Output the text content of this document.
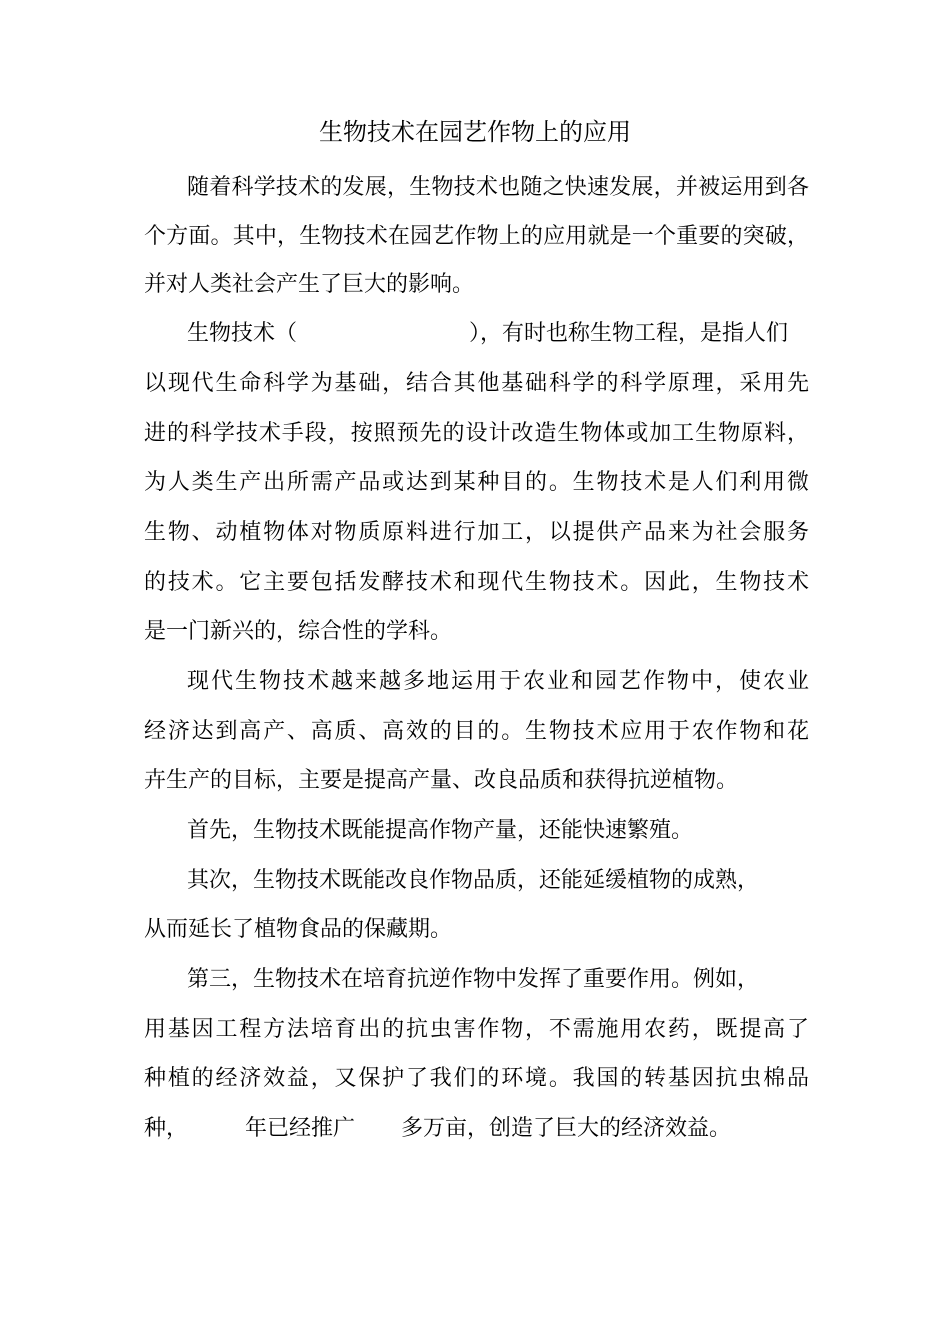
生物技术在园艺作物上的应用
随着科学技术的发展，生物技术也随之快速发展，并被运用到各
个方面。其中，生物技术在园艺作物上的应用就是一个重要的突破，
并对人类社会产生了巨大的影响。
生物技术（	），有时也称生物工程，是指人们
以现代生命科学为基础，结合其他基础科学的科学原理，采用先
进的科学技术手段，按照预先的设计改造生物体或加工生物原料，
为人类生产出所需产品或达到某种目的。生物技术是人们利用微
生物、动植物体对物质原料进行加工，以提供产品来为社会服务
的技术。它主要包括发酵技术和现代生物技术。因此，生物技术
是一门新兴的，综合性的学科。
现代生物技术越来越多地运用于农业和园艺作物中，使农业
经济达到高产、高质、高效的目的。生物技术应用于农作物和花
卉生产的目标，主要是提高产量、改良品质和获得抗逆植物。
首先，生物技术既能提高作物产量，还能快速繁殖。
其次，生物技术既能改良作物品质，还能延缓植物的成熟，
从而延长了植物食品的保藏期。
第三，生物技术在培育抗逆作物中发挥了重要作用。例如，
用基因工程方法培育出的抗虫害作物，不需施用农药，既提高了
种植的经济效益，又保护了我们的环境。我国的转基因抗虫棉品
种，	年已经推广 多万亩，创造了巨大的经济效益。
